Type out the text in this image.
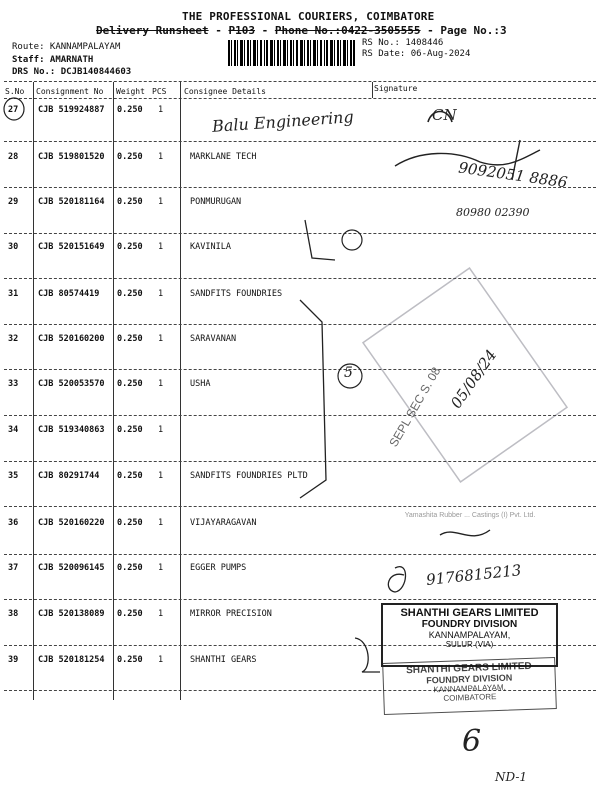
THE PROFESSIONAL COURIERS, COIMBATORE
Delivery Runsheet - P103 - Phone No.:0422-3505555 - Page No.:3
Route: KANNAMPALAYAM
Staff: AMARNATH
DRS No.: DCJB140844603
RS No.: 1408446
RS Date: 06-Aug-2024
S.No Consignment No Weight PCS Consignee Details	Signature
27 CJB 519924887 0.250 1
28 CJB 519801520 0.250 1	MARKLANE TECH
29 CJB 520181164 0.250 1	PONMURUGAN
30 CJB 520151649 0.250 1	KAVINILA
31 CJB 80574419 0.250 1	SANDFITS FOUNDRIES
32 CJB 520160200 0.250 1	SARAVANAN
33 CJB 520053570 0.250 1	USHA
34 CJB 519340863 0.250 1
35 CJB 80291744 0.250 1	SANDFITS FOUNDRIES PLTD
36 CJB 520160220 0.250 1	VIJAYARAGAVAN
37 CJB 520096145 0.250 1	EGGER PUMPS
38 CJB 520138089 0.250 1	MIRROR PRECISION
39 CJB 520181254 0.250 1	SHANTHI GEARS
Balu Engineering	CN
9092051 8886
80980 02390
5	05/08/24
9176815213
6
ND-1
Yamashita Rubber ... Castings (I) Pvt. Ltd.
SEPL SEC S. 08
SHANTHI GEARS LIMITED
FOUNDRY DIVISION
KANNAMPALAYAM,
SULUR (VIA)
SHANTHI GEARS LIMITED
FOUNDRY DIVISION
KANNAMPALAYAM,
COIMBATORE
